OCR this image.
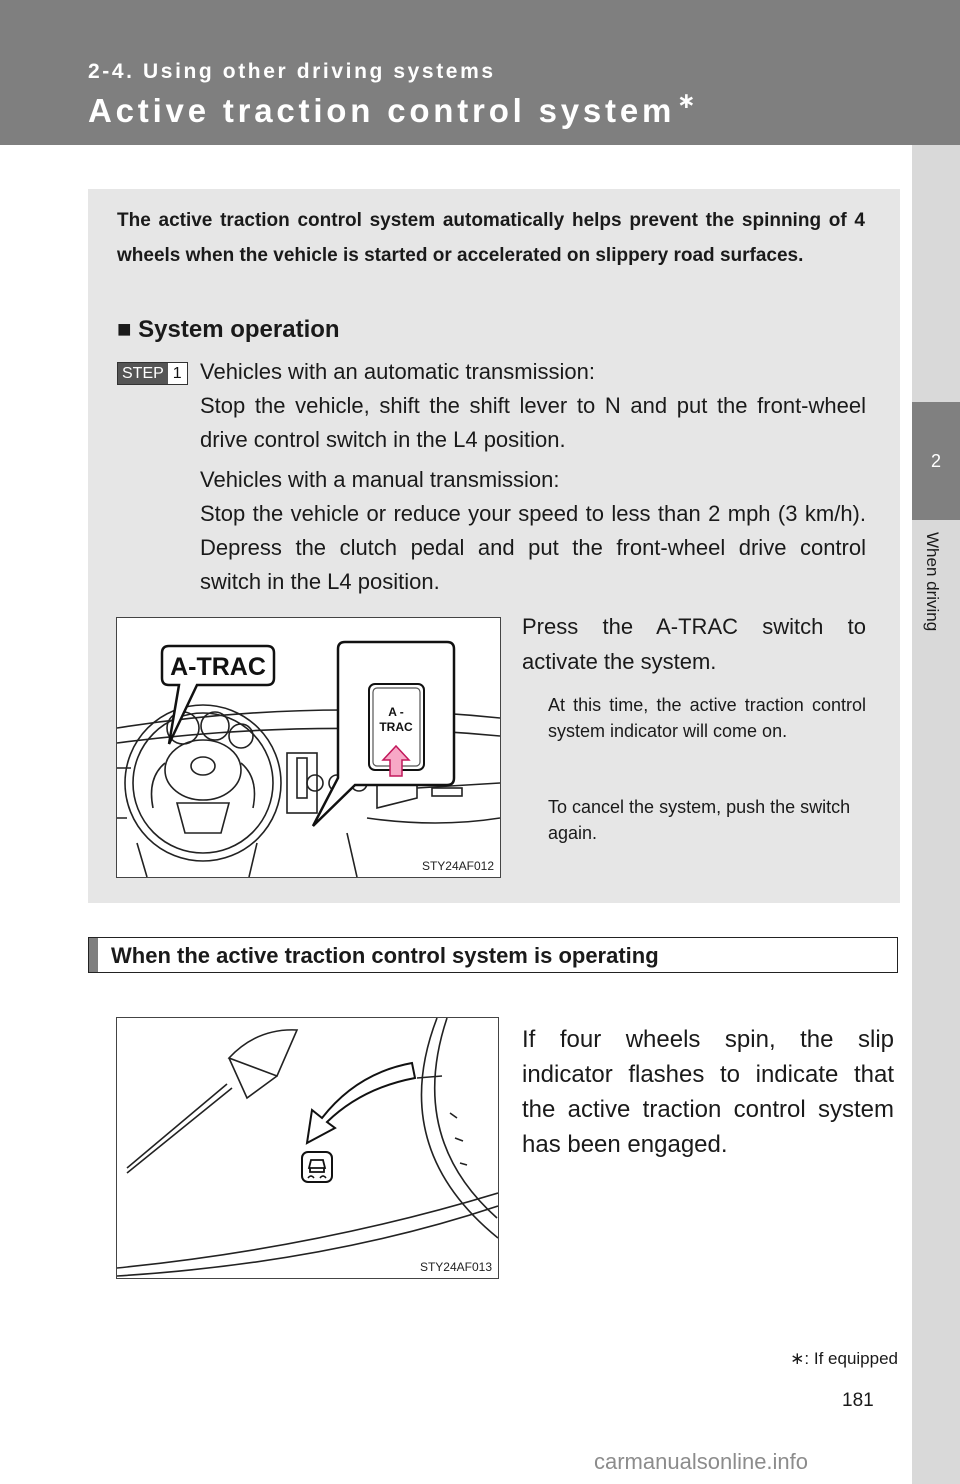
2-4. Using other driving systems
Active traction control system∗
2
When driving
The active traction control system automatically helps prevent the spinning of 4 wheels when the vehicle is started or accelerated on slippery road surfaces.
■ System operation
STEP 1 Vehicles with an automatic transmission:
Stop the vehicle, shift the shift lever to N and put the front-wheel drive control switch in the L4 position.
Vehicles with a manual transmission:
Stop the vehicle or reduce your speed to less than 2 mph (3 km/h). Depress the clutch pedal and put the front-wheel drive control switch in the L4 position.
A-TRAC
A -
TRAC
STY24AF012
Press the A-TRAC switch to activate the system.
At this time, the active traction control system indicator will come on.
To cancel the system, push the switch again.
When the active traction control system is operating
STY24AF013
If four wheels spin, the slip indicator flashes to indicate that the active traction control system has been engaged.
∗: If equipped
181
carmanualsonline.info
